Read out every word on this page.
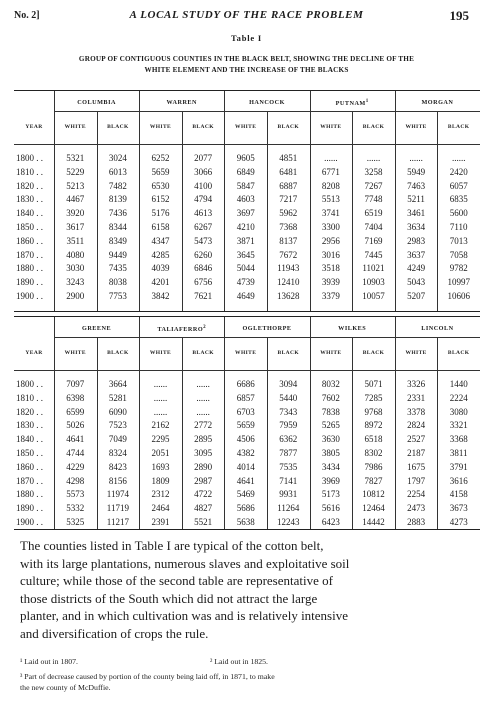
No. 2]	A LOCAL STUDY OF THE RACE PROBLEM	195
Table I
GROUP OF CONTIGUOUS COUNTIES IN THE BLACK BELT, SHOWING THE DECLINE OF THE
WHITE ELEMENT AND THE INCREASE OF THE BLACKS
COLUMBIA	WARREN	HANCOCK	PUTNAM$^1$	MORGAN
YEAR	WHITE	BLACK	WHITE	BLACK	WHITE	BLACK	WHITE	BLACK	WHITE	BLACK
1800 . .	5321	3024	6252	2077	9605	4851	......	......	......	......
1810 . .	5229	6013	5659	3066	6849	6481	6771	3258	5949	2420
1820 . .	5213	7482	6530	4100	5847	6887	8208	7267	7463	6057
1830 . .	4467	8139	6152	4794	4603	7217	5513	7748	5211	6835
1840 . .	3920	7436	5176	4613	3697	5962	3741	6519	3461	5600
1850 . .	3617	8344	6158	6267	4210	7368	3300	7404	3634	7110
1860 . .	3511	8349	4347	5473	3871	8137	2956	7169	2983	7013
1870 . .	4080	9449	4285	6260	3645	7672	3016	7445	3637	7058
1880 . .	3030	7435	4039	6846	5044	11943	3518	11021	4249	9782
1890 . .	3243	8038	4201	6756	4739	12410	3939	10903	5043	10997
1900 . .	2900	7753	3842	7621	4649	13628	3379	10057	5207	10606
GREENE	TALIAFERRO$^2$	OGLETHORPE	WILKES	LINCOLN
YEAR	WHITE	BLACK	WHITE	BLACK	WHITE	BLACK	WHITE	BLACK	WHITE	BLACK
1800 . .	7097	3664	......	......	6686	3094	8032	5071	3326	1440
1810 . .	6398	5281	......	......	6857	5440	7602	7285	2331	2224
1820 . .	6599	6090	......	......	6703	7343	7838	9768	3378	3080
1830 . .	5026	7523	2162	2772	5659	7959	5265	8972	2824	3321
1840 . .	4641	7049	2295	2895	4506	6362	3630	6518	2527	3368
1850 . .	4744	8324	2051	3095	4382	7877	3805	8302	2187	3811
1860 . .	4229	8423	1693	2890	4014	7535	3434	7986	1675	3791
1870 . .	4298	8156	1809	2987	4641	7141	3969	7827	1797	3616
1880 . .	5573	11974	2312	4722	5469	9931	5173	10812	2254	4158
1890 . .	5332	11719	2464	4827	5686	11264	5616	12464	2473	3673
1900 . .	5325	11217	2391	5521	5638	12243	6423	14442	2883	4273
The counties listed in Table I are typical of the cotton belt,
with its large plantations, numerous slaves and exploitative soil
culture; while those of the second table are representative of
those districts of the South which did not attract the large
planter, and in which cultivation was and is relatively intensive
and diversification of crops the rule.
¹ Laid out in 1807.	² Laid out in 1825.
³ Part of decrease caused by portion of the county being laid off, in 1871, to make
the new county of McDuffie.
